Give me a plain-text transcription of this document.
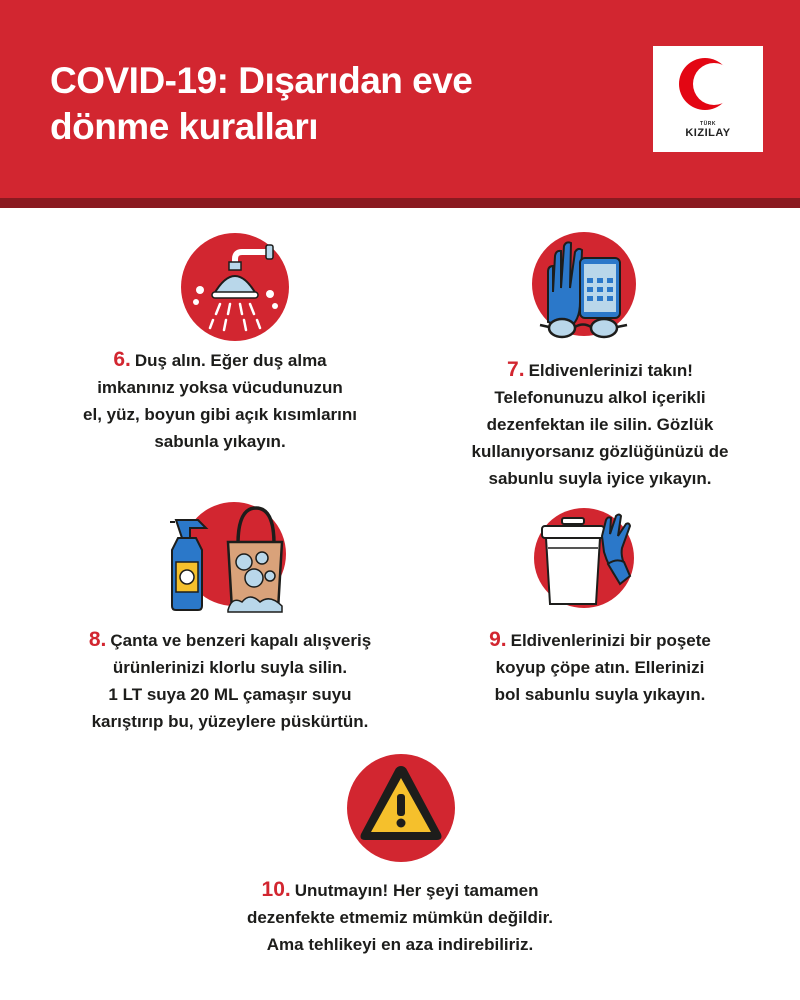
COVID-19: Dışarıdan eve
dönme kuralları	TÜRK
KIZILAY
6. Duş alın. Eğer duş alma
imkanınız yoksa vücudunuzun
el, yüz, boyun gibi açık kısımlarını
sabunla yıkayın.
7. Eldivenlerinizi takın!
Telefonunuzu alkol içerikli
dezenfektan ile silin. Gözlük
kullanıyorsanız gözlüğünüzü de
sabunlu suyla iyice yıkayın.
8. Çanta ve benzeri kapalı alışveriş
ürünlerinizi klorlu suyla silin.
1 LT suya 20 ML çamaşır suyu
karıştırıp bu, yüzeylere püskürtün.
9. Eldivenlerinizi bir poşete
koyup çöpe atın. Ellerinizi
bol sabunlu suyla yıkayın.
10. Unutmayın! Her şeyi tamamen
dezenfekte etmemiz mümkün değildir.
Ama tehlikeyi en aza indirebiliriz.
